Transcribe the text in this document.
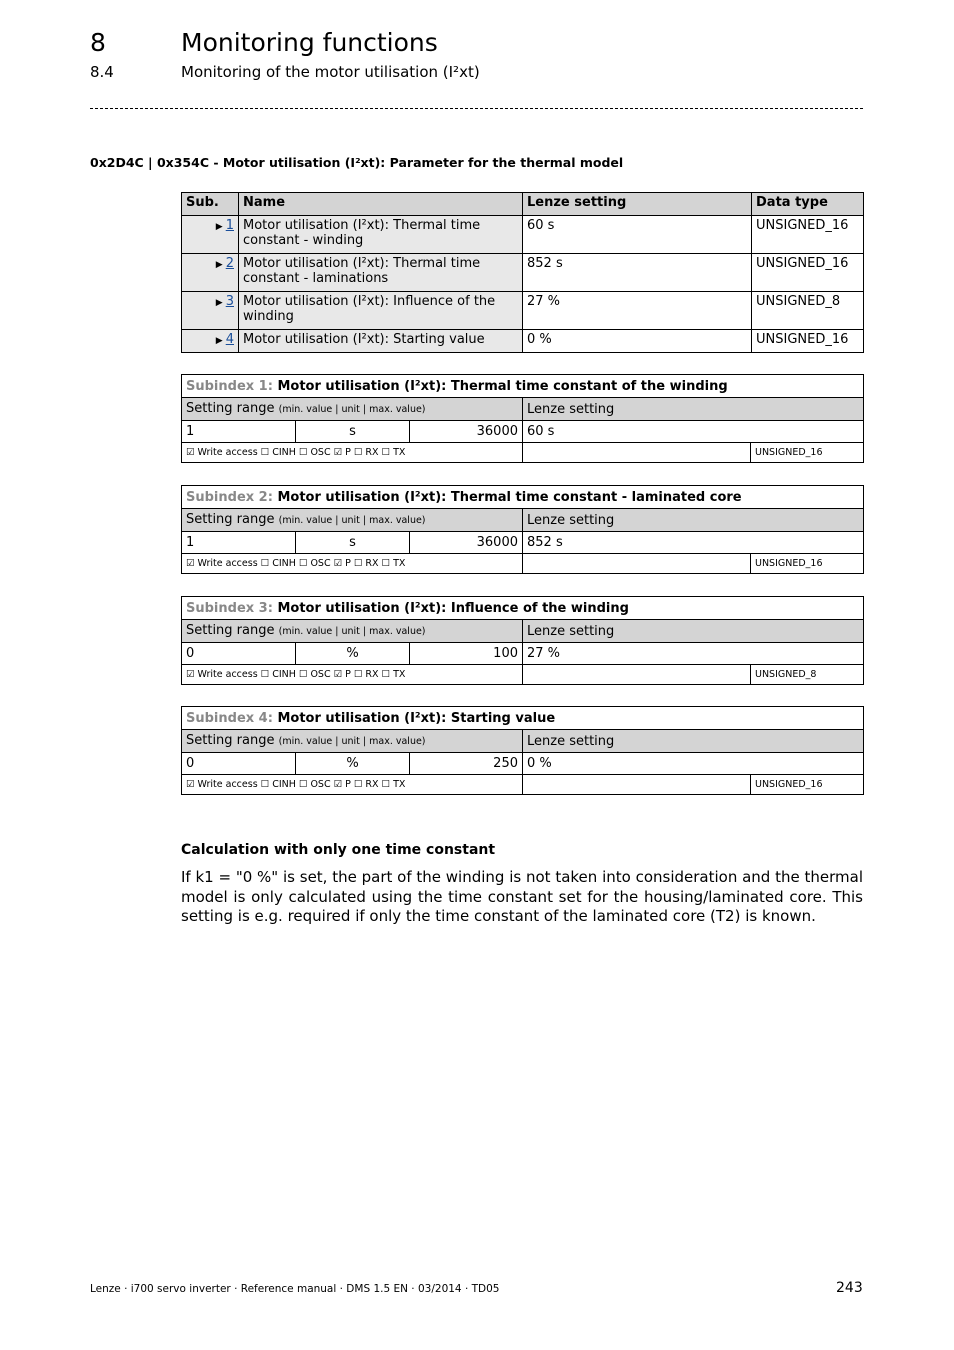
8	Monitoring functions
8.4	Monitoring of the motor utilisation (I²xt)
0x2D4C | 0x354C - Motor utilisation (I²xt): Parameter for the thermal model
Sub.	Name	Lenze setting	Data type
▶ 1	Motor utilisation (I²xt): Thermal time constant - winding	60 s	UNSIGNED_16
▶ 2	Motor utilisation (I²xt): Thermal time constant - laminations	852 s	UNSIGNED_16
▶ 3	Motor utilisation (I²xt): Influence of the winding	27 %	UNSIGNED_8
▶ 4	Motor utilisation (I²xt): Starting value	0 %	UNSIGNED_16
Subindex 1: Motor utilisation (I²xt): Thermal time constant of the winding				
Setting range (min. value | unit | max. value)			Lenze setting	
1	s	36000	60 s	
☑ Write access ☐ CINH ☐ OSC ☑ P ☐ RX ☐ TX				UNSIGNED_16
Subindex 2: Motor utilisation (I²xt): Thermal time constant - laminated core				
Setting range (min. value | unit | max. value)			Lenze setting	
1	s	36000	852 s	
☑ Write access ☐ CINH ☐ OSC ☑ P ☐ RX ☐ TX				UNSIGNED_16
Subindex 3: Motor utilisation (I²xt): Influence of the winding				
Setting range (min. value | unit | max. value)			Lenze setting	
0	%	100	27 %	
☑ Write access ☐ CINH ☐ OSC ☑ P ☐ RX ☐ TX				UNSIGNED_8
Subindex 4: Motor utilisation (I²xt): Starting value				
Setting range (min. value | unit | max. value)			Lenze setting	
0	%	250	0 %	
☑ Write access ☐ CINH ☐ OSC ☑ P ☐ RX ☐ TX				UNSIGNED_16
Calculation with only one time constant
If k1 = "0 %" is set, the part of the winding is not taken into consideration and the thermal model is only calculated using the time constant set for the housing/laminated core. This setting is e.g. required if only the time constant of the laminated core (T2) is known.
Lenze · i700 servo inverter · Reference manual · DMS 1.5 EN · 03/2014 · TD05	243
